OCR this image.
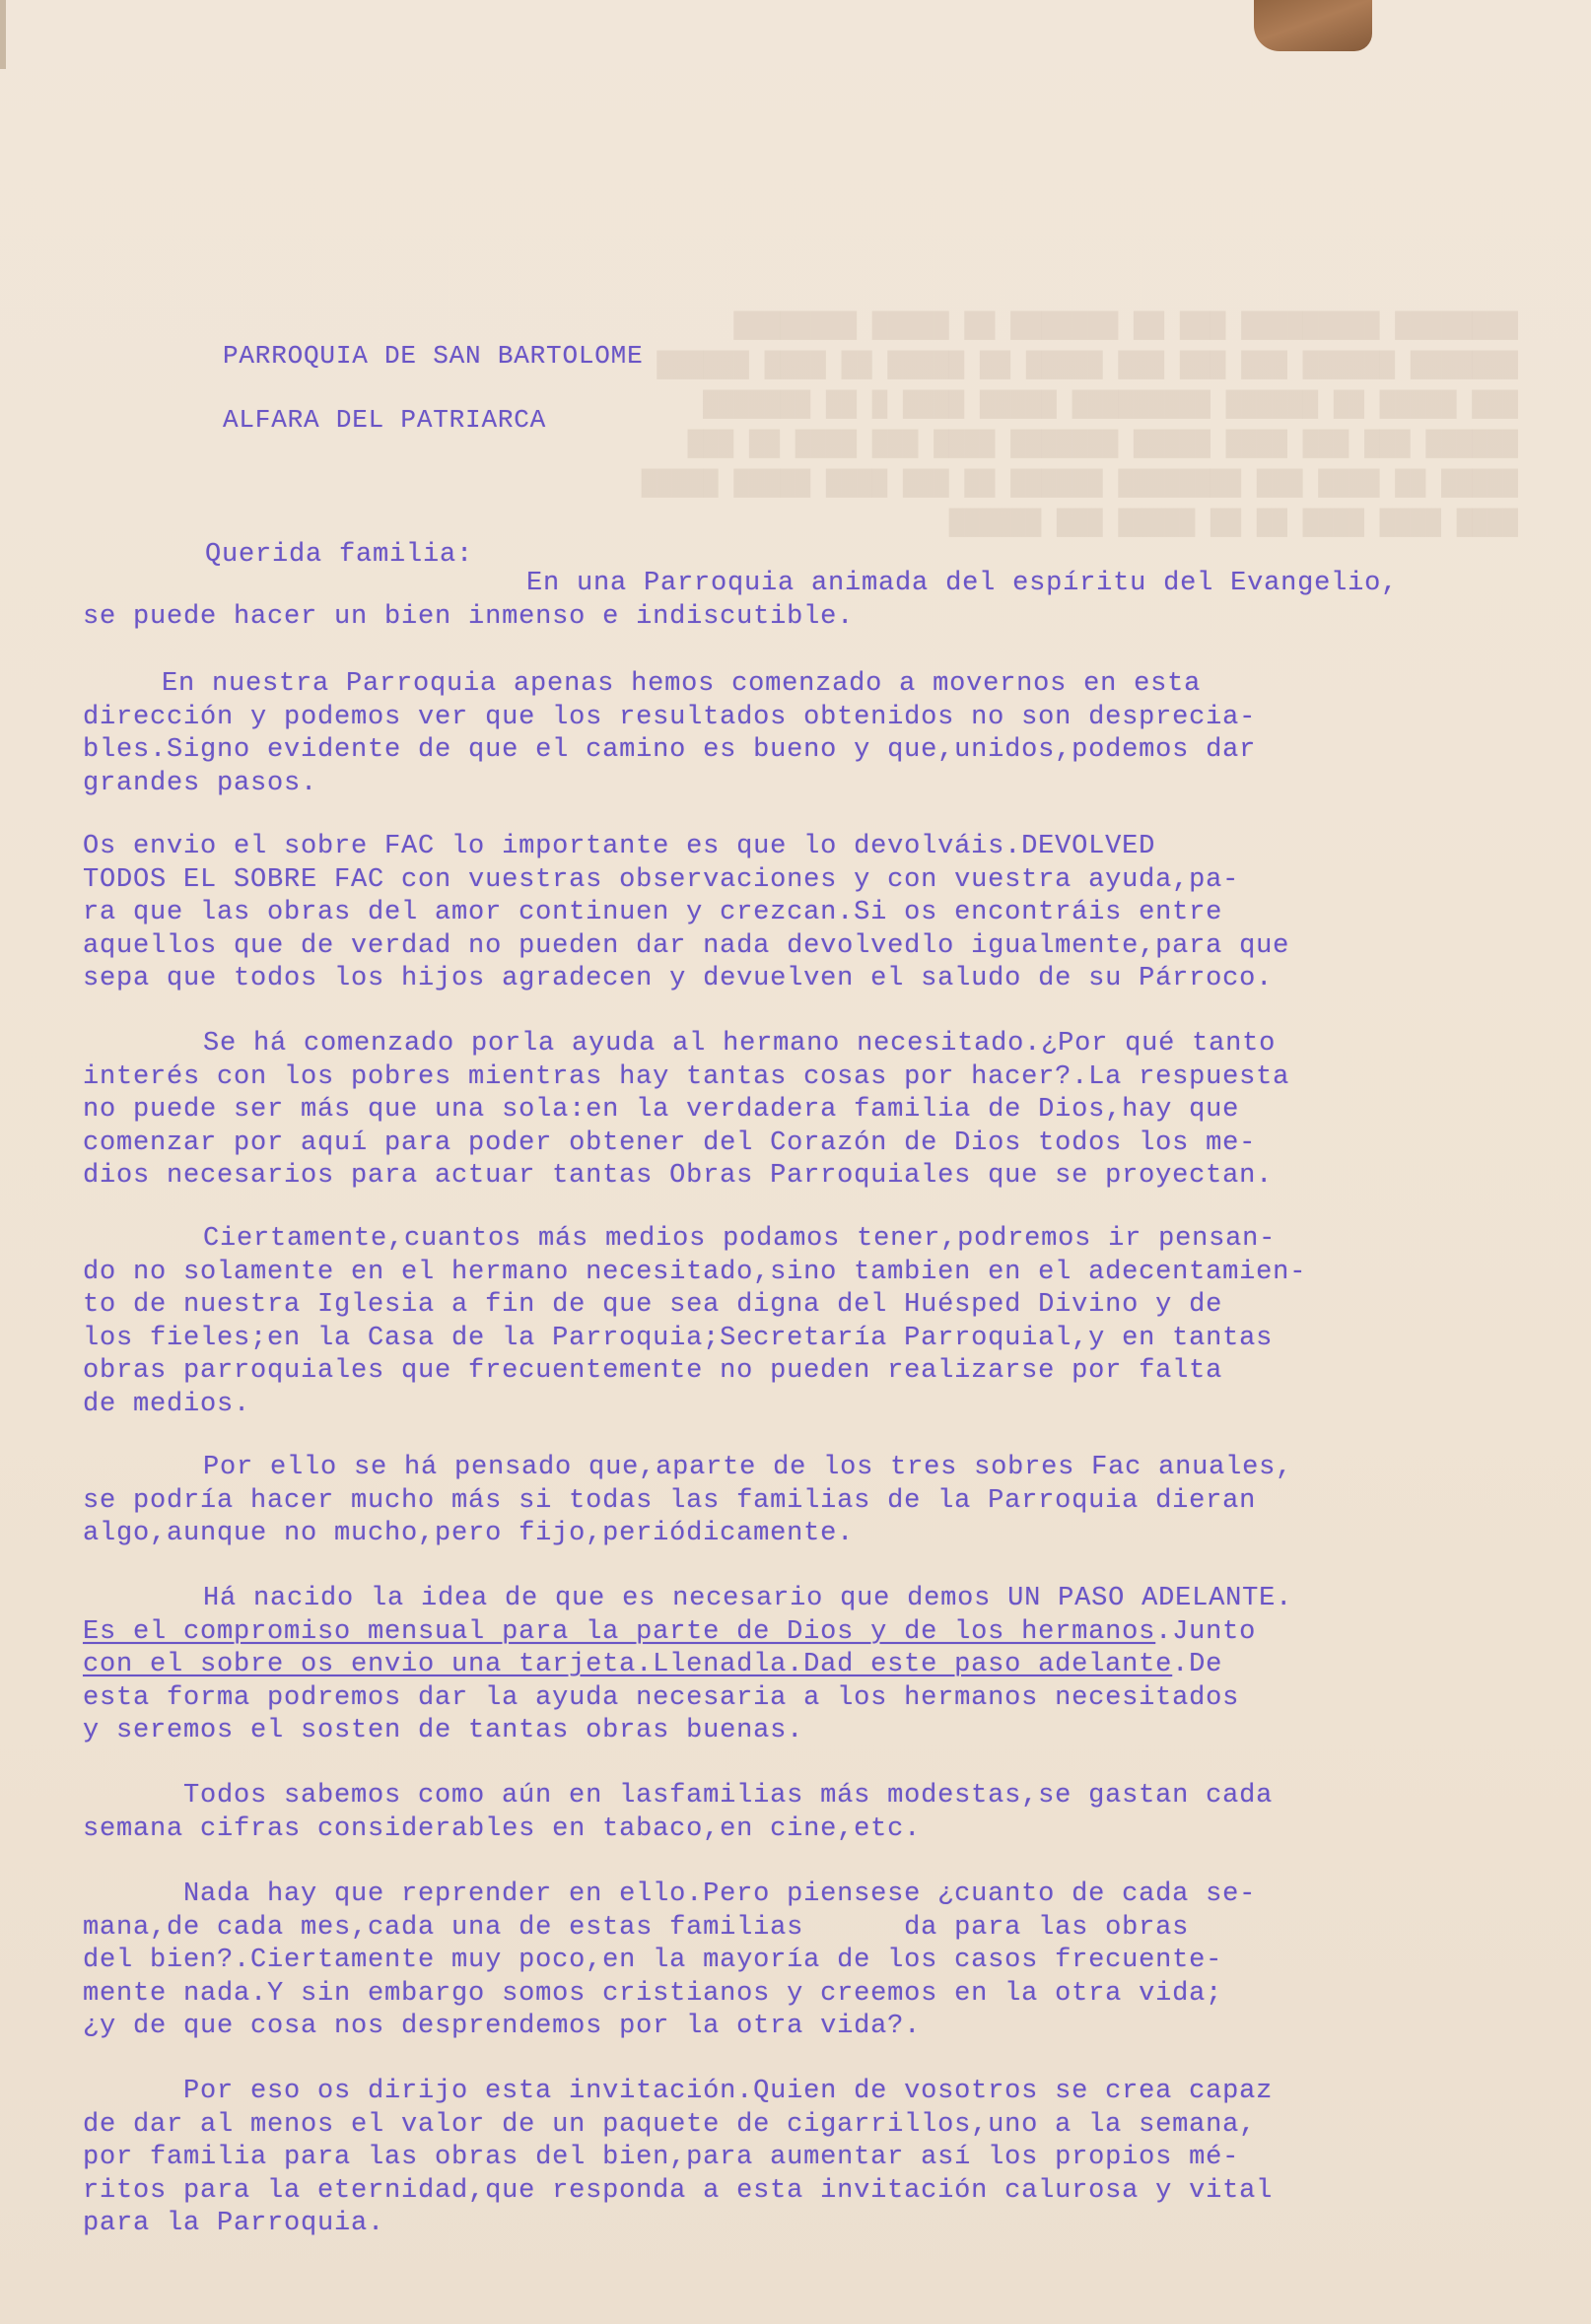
PARROQUIA DE SAN BARTOLOME

ALFARA DEL PATRIARCA

Querida familia:

En una Parroquia animada del espíritu del Evangelio,
se puede hacer un bien inmenso e indiscutible.
En nuestra Parroquia apenas hemos comenzado a movernos en esta
dirección y podemos ver que los resultados obtenidos no son desprecia-
bles.Signo evidente de que el camino es bueno y que,unidos,podemos dar
grandes pasos.
Os envio el sobre FAC lo importante es que lo devolváis.DEVOLVED
TODOS EL SOBRE FAC con vuestras observaciones y con vuestra ayuda,pa-
ra que las obras del amor continuen y crezcan.Si os encontráis entre
aquellos que de verdad no pueden dar nada devolvedlo igualmente,para que
sepa que todos los hijos agradecen y devuelven el saludo de su Párroco.
Se há comenzado porla ayuda al hermano necesitado.¿Por qué tanto
interés con los pobres mientras hay tantas cosas por hacer?.La respuesta
no puede ser más que una sola:en la verdadera familia de Dios,hay que
comenzar por aquí para poder obtener del Corazón de Dios todos los me-
dios necesarios para actuar tantas Obras Parroquiales que se proyectan.
Ciertamente,cuantos más medios podamos tener,podremos ir pensan-
do no solamente en el hermano necesitado,sino tambien en el adecentamien-
to de nuestra Iglesia a fin de que sea digna del Huésped Divino y de
los fieles;en la Casa de la Parroquia;Secretaría Parroquial,y en tantas
obras parroquiales que frecuentemente no pueden realizarse por falta
de medios.
Por ello se há pensado que,aparte de los tres sobres Fac anuales,
se podría hacer mucho más si todas las familias de la Parroquia dieran
algo,aunque no mucho,pero fijo,periódicamente.
Há nacido la idea de que es necesario que demos UN PASO ADELANTE.
Es el compromiso mensual para la parte de Dios y de los hermanos.Junto
con el sobre os envio una tarjeta.Llenadla.Dad este paso adelante.De
esta forma podremos dar la ayuda necesaria a los hermanos necesitados
y seremos el sosten de tantas obras buenas.
Todos sabemos como aún en lasfamilias más modestas,se gastan cada
semana cifras considerables en tabaco,en cine,etc.
Nada hay que reprender en ello.Pero piensese ¿cuanto de cada se-
mana,de cada mes,cada una de estas familias      da para las obras
del bien?.Ciertamente muy poco,en la mayoría de los casos frecuente-
mente nada.Y sin embargo somos cristianos y creemos en la otra vida;
¿y de que cosa nos desprendemos por la otra vida?.
Por eso os dirijo esta invitación.Quien de vosotros se crea capaz
de dar al menos el valor de un paquete de cigarrillos,uno a la semana,
por familia para las obras del bien,para aumentar así los propios mé-
ritos para la eternidad,que responda a esta invitación calurosa y vital
para la Parroquia.
